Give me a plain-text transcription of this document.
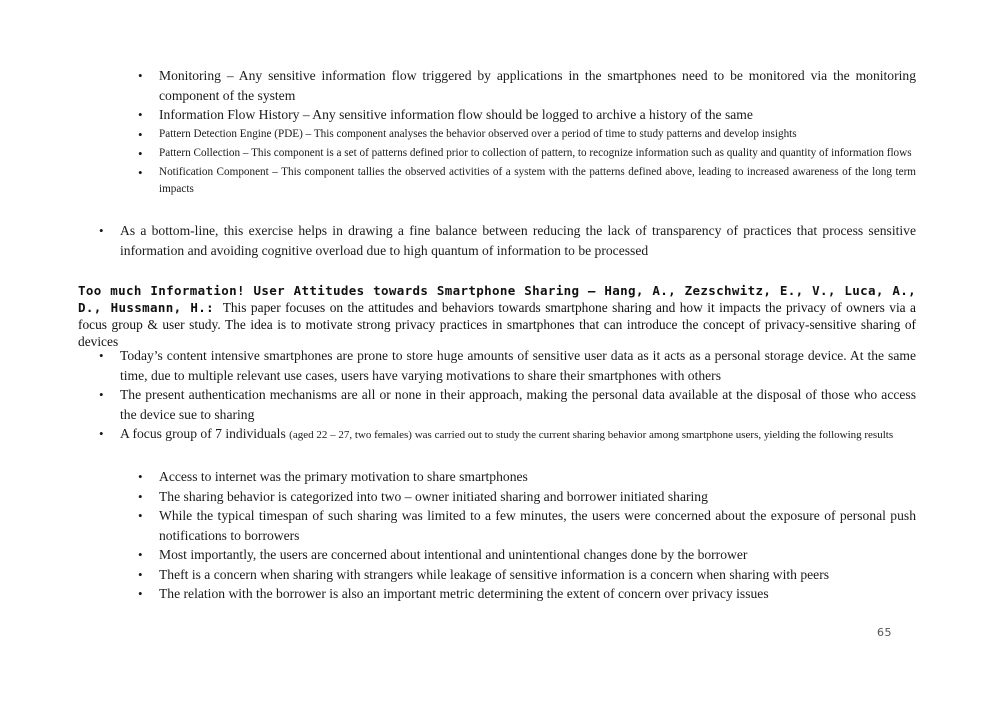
• Monitoring – Any sensitive information flow triggered by applications in the smartphones need to be monitored via the monitoring component of the system
• Information Flow History – Any sensitive information flow should be logged to archive a history of the same
• Pattern Detection Engine (PDE) – This component analyses the behavior observed over a period of time to study patterns and develop insights
• Pattern Collection – This component is a set of patterns defined prior to collection of pattern, to recognize information such as quality and quantity of information flows
• Notification Component – This component tallies the observed activities of a system with the patterns defined above, leading to increased awareness of the long term impacts
• As a bottom-line, this exercise helps in drawing a fine balance between reducing the lack of transparency of practices that process sensitive information and avoiding cognitive overload due to high quantum of information to be processed
Too much Information! User Attitudes towards Smartphone Sharing – Hang, A., Zezschwitz, E., V., Luca, A., D., Hussmann, H.: This paper focuses on the attitudes and behaviors towards smartphone sharing and how it impacts the privacy of owners via a focus group & user study. The idea is to motivate strong privacy practices in smartphones that can introduce the concept of privacy-sensitive sharing of devices
• Today’s content intensive smartphones are prone to store huge amounts of sensitive user data as it acts as a personal storage device. At the same time, due to multiple relevant use cases, users have varying motivations to share their smartphones with others
• The present authentication mechanisms are all or none in their approach, making the personal data available at the disposal of those who access the device sue to sharing
• A focus group of 7 individuals (aged 22 – 27, two females) was carried out to study the current sharing behavior among smartphone users, yielding the following results
• Access to internet was the primary motivation to share smartphones
• The sharing behavior is categorized into two – owner initiated sharing and borrower initiated sharing
• While the typical timespan of such sharing was limited to a few minutes, the users were concerned about the exposure of personal push notifications to borrowers
• Most importantly, the users are concerned about intentional and unintentional changes done by the borrower
• Theft is a concern when sharing with strangers while leakage of sensitive information is a concern when sharing with peers
• The relation with the borrower is also an important metric determining the extent of concern over privacy issues
65
